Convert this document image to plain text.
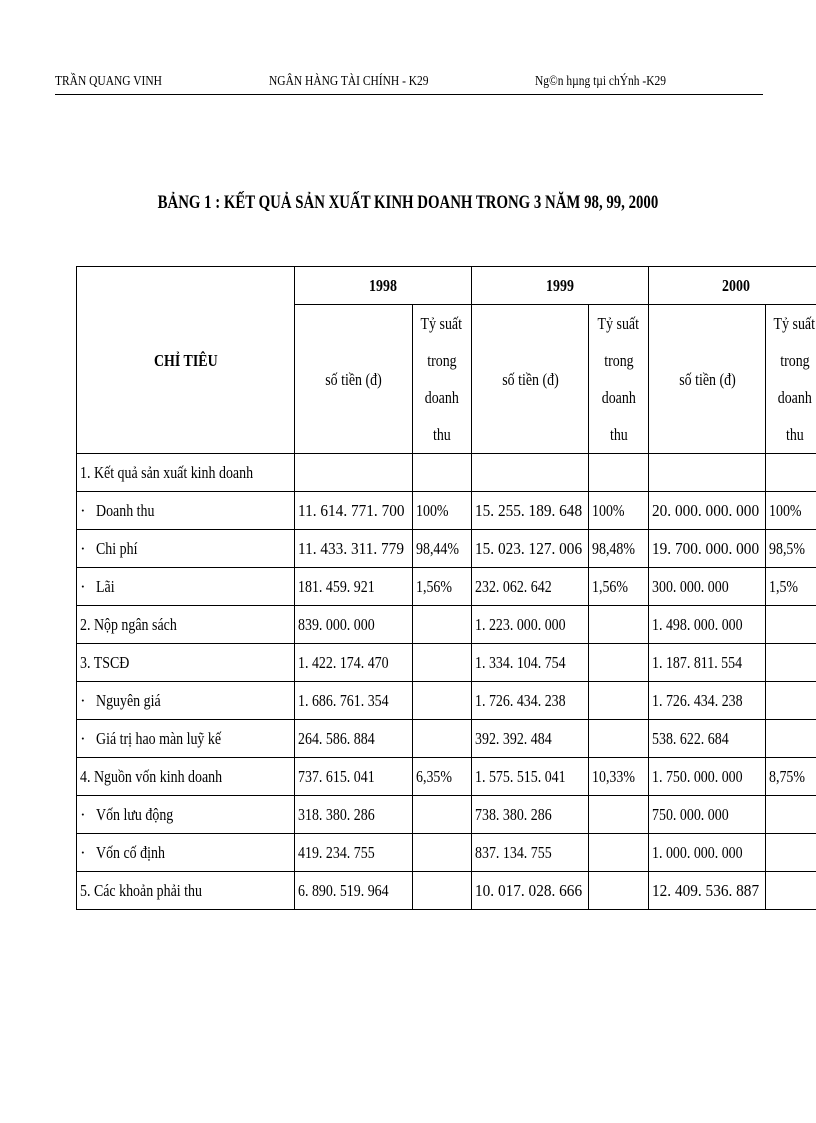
TRẦN QUANG VINH	NGÂN HÀNG TÀI CHÍNH - K29	Ng©n hµng tµi chÝnh -K29
BẢNG 1 : KẾT QUẢ SẢN XUẤT KINH DOANH TRONG 3 NĂM 98, 99, 2000
CHỈ TIÊU	1998		1999		2000	
	số tiền (đ)	Tỷ suất
trong
doanh
thu	số tiền (đ)	Tỷ suất
trong
doanh
thu	số tiền (đ)	Tỷ suất
trong
doanh
thu
1. Kết quả sản xuất kinh doanh						
· Doanh thu	11. 614. 771. 700	100%	15. 255. 189. 648	100%	20. 000. 000. 000	100%
· Chi phí	11. 433. 311. 779	98,44%	15. 023. 127. 006	98,48%	19. 700. 000. 000	98,5%
· Lãi	181. 459. 921	1,56%	232. 062. 642	1,56%	300. 000. 000	1,5%
2. Nộp ngân sách	839. 000. 000		1. 223. 000. 000		1. 498. 000. 000	
3. TSCĐ	1. 422. 174. 470		1. 334. 104. 754		1. 187. 811. 554	
· Nguyên giá	1. 686. 761. 354		1. 726. 434. 238		1. 726. 434. 238	
· Giá trị hao màn luỹ kế	264. 586. 884		392. 392. 484		538. 622. 684	
4. Nguồn vốn kinh doanh	737. 615. 041	6,35%	1. 575. 515. 041	10,33%	1. 750. 000. 000	8,75%
· Vốn lưu động	318. 380. 286		738. 380. 286		750. 000. 000	
· Vốn cố định	419. 234. 755		837. 134. 755		1. 000. 000. 000	
5. Các khoản phải thu	6. 890. 519. 964		10. 017. 028. 666		12. 409. 536. 887	
